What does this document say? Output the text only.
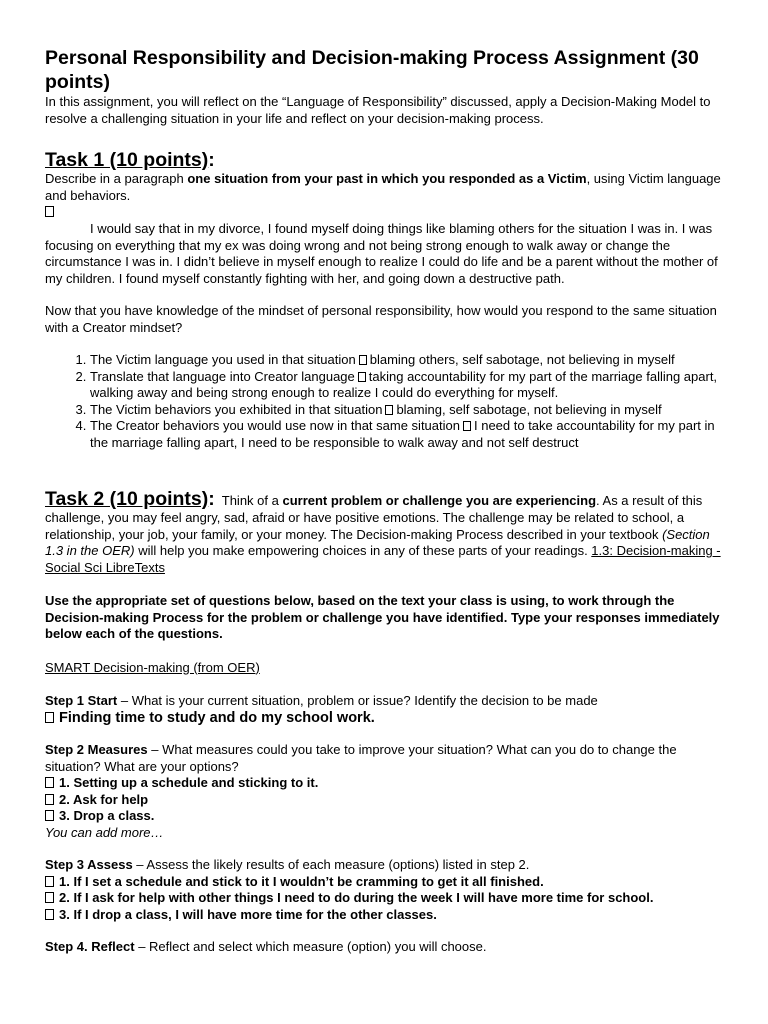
Personal Responsibility and Decision-making Process Assignment (30 points)

In this assignment, you will reflect on the “Language of Responsibility” discussed, apply a Decision-Making Model to resolve a challenging situation in your life and reflect on your decision-making process.

Task 1 (10 points):

Describe in a paragraph one situation from your past in which you responded as a Victim, using Victim language and behaviors.

I would say that in my divorce, I found myself doing things like blaming others for the situation I was in. I was focusing on everything that my ex was doing wrong and not being strong enough to walk away or change the circumstance I was in. I didn’t believe in myself enough to realize I could do life and be a parent without the mother of my children. I found myself constantly fighting with her, and going down a destructive path.

Now that you have knowledge of the mindset of personal responsibility, how would you respond to the same situation with a Creator mindset?

1. The Victim language you used in that situation blaming others, self sabotage, not believing in myself
2. Translate that language into Creator language taking accountability for my part of the marriage falling apart, walking away and being strong enough to realize I could do everything for myself.
3. The Victim behaviors you exhibited in that situation blaming, self sabotage, not believing in myself
4. The Creator behaviors you would use now in that same situation I need to take accountability for my part in the marriage falling apart, I need to be responsible to walk away and not self destruct

Task 2 (10 points): Think of a current problem or challenge you are experiencing. As a result of this challenge, you may feel angry, sad, afraid or have positive emotions. The challenge may be related to school, a relationship, your job, your family, or your money. The Decision-making Process described in your textbook (Section 1.3 in the OER) will help you make empowering choices in any of these parts of your readings. 1.3: Decision-making - Social Sci LibreTexts

Use the appropriate set of questions below, based on the text your class is using, to work through the Decision-making Process for the problem or challenge you have identified. Type your responses immediately below each of the questions.

SMART Decision-making (from OER)

Step 1 Start – What is your current situation, problem or issue? Identify the decision to be made

Finding time to study and do my school work.

Step 2 Measures – What measures could you take to improve your situation? What can you do to change the situation? What are your options?

1. Setting up a schedule and sticking to it.

2. Ask for help

3. Drop a class.

You can add more…

Step 3 Assess – Assess the likely results of each measure (options) listed in step 2.

1. If I set a schedule and stick to it I wouldn’t be cramming to get it all finished.

2. If I ask for help with other things I need to do during the week I will have more time for school.

3. If I drop a class, I will have more time for the other classes.

Step 4. Reflect – Reflect and select which measure (option) you will choose.
